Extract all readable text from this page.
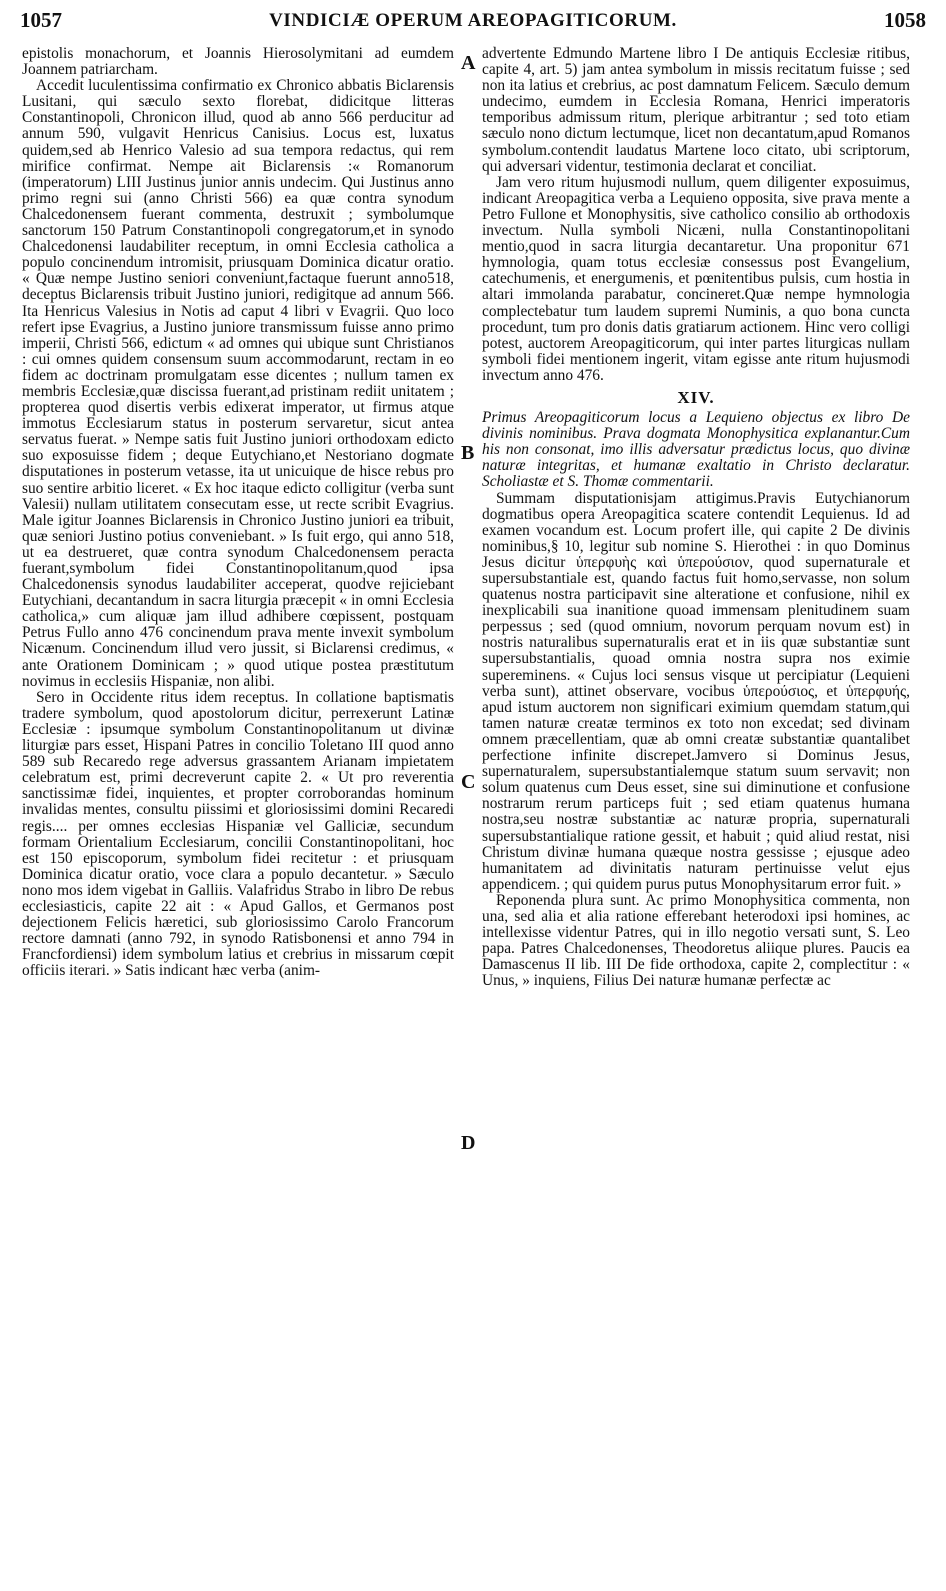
1057	VINDICIÆ OPERUM AREOPAGITICORUM.	1058
A
B
C
D

epistolis monachorum, et Joannis Hierosolymitani ad eumdem Joannem patriarcham.

Accedit luculentissima confirmatio ex Chronico abbatis Biclarensis Lusitani, qui sæculo sexto florebat, didicitque litteras Constantinopoli, Chronicon illud, quod ab anno 566 perducitur ad annum 590, vulgavit Henricus Canisius. Locus est, luxatus quidem,sed ab Henrico Valesio ad sua tempora redactus, qui rem mirifice confirmat. Nempe ait Biclarensis :« Romanorum (imperatorum) LIII Justinus junior annis undecim. Qui Justinus anno primo regni sui (anno Christi 566) ea quæ contra synodum Chalcedonensem fuerant commenta, destruxit ; symbolumque sanctorum 150 Patrum Constantinopoli congregatorum,et in synodo Chalcedonensi laudabiliter receptum, in omni Ecclesia catholica a populo concinendum intromisit, priusquam Dominica dicatur oratio. « Quæ nempe Justino seniori conveniunt,factaque fuerunt anno518, deceptus Biclarensis tribuit Justino juniori, redigitque ad annum 566. Ita Henricus Valesius in Notis ad caput 4 libri v Evagrii. Quo loco refert ipse Evagrius, a Justino juniore transmissum fuisse anno primo imperii, Christi 566, edictum « ad omnes qui ubique sunt Christianos : cui omnes quidem consensum suum accommodarunt, rectam in eo fidem ac doctrinam promulgatam esse dicentes ; nullum tamen ex membris Ecclesiæ,quæ discissa fuerant,ad pristinam rediit unitatem ; propterea quod disertis verbis edixerat imperator, ut firmus atque immotus Ecclesiarum status in posterum servaretur, sicut antea servatus fuerat. » Nempe satis fuit Justino juniori orthodoxam edicto suo exposuisse fidem ; deque Eutychiano,et Nestoriano dogmate disputationes in posterum vetasse, ita ut unicuique de hisce rebus pro suo sentire arbitio liceret. « Ex hoc itaque edicto colligitur (verba sunt Valesii) nullam utilitatem consecutam esse, ut recte scribit Evagrius. Male igitur Joannes Biclarensis in Chronico Justino juniori ea tribuit, quæ seniori Justino potius conveniebant. » Is fuit ergo, qui anno 518, ut ea destrueret, quæ contra synodum Chalcedonensem peracta fuerant,symbolum fidei Constantinopolitanum,quod ipsa Chalcedonensis synodus laudabiliter acceperat, quodve rejiciebant Eutychiani, decantandum in sacra liturgia præcepit « in omni Ecclesia catholica,» cum aliquæ jam illud adhibere cœpissent, postquam Petrus Fullo anno 476 concinendum prava mente invexit symbolum Nicænum. Concinendum illud vero jussit, si Biclarensi credimus, « ante Orationem Dominicam ; » quod utique postea præstitutum novimus in ecclesiis Hispaniæ, non alibi.

Sero in Occidente ritus idem receptus. In collatione baptismatis tradere symbolum, quod apostolorum dicitur, perrexerunt Latinæ Ecclesiæ : ipsumque symbolum Constantinopolitanum ut divinæ liturgiæ pars esset, Hispani Patres in concilio Toletano III quod anno 589 sub Recaredo rege adversus grassantem Arianam impietatem celebratum est, primi decreverunt capite 2. « Ut pro reverentia sanctissimæ fidei, inquientes, et propter corroborandas hominum invalidas mentes, consultu piissimi et gloriosissimi domini Recaredi regis.... per omnes ecclesias Hispaniæ vel Galliciæ, secundum formam Orientalium Ecclesiarum, concilii Constantinopolitani, hoc est 150 episcoporum, symbolum fidei recitetur : et priusquam Dominica dicatur oratio, voce clara a populo decantetur. » Sæculo nono mos idem vigebat in Galliis. Valafridus Strabo in libro De rebus ecclesiasticis, capite 22 ait : « Apud Gallos, et Germanos post dejectionem Felicis hæretici, sub gloriosissimo Carolo Francorum rectore damnati (anno 792, in synodo Ratisbonensi et anno 794 in Francfordiensi) idem symbolum latius et crebrius in missarum cœpit officiis iterari. » Satis indicant hæc verba (anim-

advertente Edmundo Martene libro I De antiquis Ecclesiæ ritibus, capite 4, art. 5) jam antea symbolum in missis recitatum fuisse ; sed non ita latius et crebrius, ac post damnatum Felicem. Sæculo demum undecimo, eumdem in Ecclesia Romana, Henrici imperatoris temporibus admissum ritum, plerique arbitrantur ; sed toto etiam sæculo nono dictum lectumque, licet non decantatum,apud Romanos symbolum.contendit laudatus Martene loco citato, ubi scriptorum, qui adversari videntur, testimonia declarat et conciliat.

Jam vero ritum hujusmodi nullum, quem diligenter exposuimus, indicant Areopagitica verba a Lequieno opposita, sive prava mente a Petro Fullone et Monophysitis, sive catholico consilio ab orthodoxis invectum. Nulla symboli Nicæni, nulla Constantinopolitani mentio,quod in sacra liturgia decantaretur. Una proponitur 671 hymnologia, quam totus ecclesiæ consessus post Evangelium, catechumenis, et energumenis, et pœnitentibus pulsis, cum hostia in altari immolanda parabatur, concineret.Quæ nempe hymnologia complectebatur tum laudem supremi Numinis, a quo bona cuncta procedunt, tum pro donis datis gratiarum actionem. Hinc vero colligi potest, auctorem Areopagiticorum, qui inter partes liturgicas nullam symboli fidei mentionem ingerit, vitam egisse ante ritum hujusmodi invectum anno 476.

XIV.

Primus Areopagiticorum locus a Lequieno objectus ex libro De divinis nominibus. Prava dogmata Monophysitica explanantur.Cum his non consonat, imo illis adversatur prædictus locus, quo divinæ naturæ integritas, et humanæ exaltatio in Christo declaratur. Scholiastæ et S. Thomæ commentarii.

Summam disputationisjam attigimus.Pravis Eutychianorum dogmatibus opera Areopagitica scatere contendit Lequienus. Id ad examen vocandum est. Locum profert ille, qui capite 2 De divinis nominibus,§ 10, legitur sub nomine S. Hierothei : in quo Dominus Jesus dicitur ὑπερφυὴς καὶ ὑπερούσιον, quod supernaturale et supersubstantiale est, quando factus fuit homo,servasse, non solum quatenus nostra participavit sine alteratione et confusione, nihil ex inexplicabili sua inanitione quoad immensam plenitudinem suam perpessus ; sed (quod omnium, novorum perquam novum est) in nostris naturalibus supernaturalis erat et in iis quæ substantiæ sunt supersubstantialis, quoad omnia nostra supra nos eximie supereminens. « Cujus loci sensus visque ut percipiatur (Lequieni verba sunt), attinet observare, vocibus ὑπερούσιος, et ὑπερφυής, apud istum auctorem non significari eximium quemdam statum,qui tamen naturæ creatæ terminos ex toto non excedat; sed divinam omnem præcellentiam, quæ ab omni creatæ substantiæ quantalibet perfectione infinite discrepet.Jamvero si Dominus Jesus, supernaturalem, supersubstantialemque statum suum servavit; non solum quatenus cum Deus esset, sine sui diminutione et confusione nostrarum rerum particeps fuit ; sed etiam quatenus humana nostra,seu nostræ substantiæ ac naturæ propria, supernaturali supersubstantialique ratione gessit, et habuit ; quid aliud restat, nisi Christum divinæ humana quæque nostra gessisse ; ejusque adeo humanitatem ad divinitatis naturam pertinuisse velut ejus appendicem. ; qui quidem purus putus Monophysitarum error fuit. »

Reponenda plura sunt. Ac primo Monophysitica commenta, non una, sed alia et alia ratione efferebant heterodoxi ipsi homines, ac intellexisse videntur Patres, qui in illo negotio versati sunt, S. Leo papa. Patres Chalcedonenses, Theodoretus aliique plures. Paucis ea Damascenus II lib. III De fide orthodoxa, capite 2, complectitur : « Unus, » inquiens, Filius Dei naturæ humanæ perfectæ ac
